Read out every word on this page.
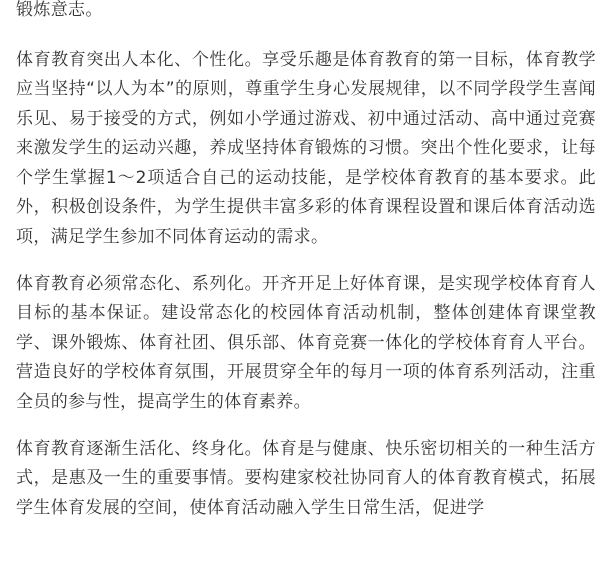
锻炼意志。

体育教育突出人本化、个性化。享受乐趣是体育教育的第一目标，体育教学应当坚持“以人为本”的原则，尊重学生身心发展规律，以不同学段学生喜闻乐见、易于接受的方式，例如小学通过游戏、初中通过活动、高中通过竞赛来激发学生的运动兴趣，养成坚持体育锻炼的习惯。突出个性化要求，让每个学生掌握1～2项适合自己的运动技能，是学校体育教育的基本要求。此外，积极创设条件，为学生提供丰富多彩的体育课程设置和课后体育活动选项，满足学生参加不同体育运动的需求。

体育教育必须常态化、系列化。开齐开足上好体育课，是实现学校体育育人目标的基本保证。建设常态化的校园体育活动机制，整体创建体育课堂教学、课外锻炼、体育社团、俱乐部、体育竞赛一体化的学校体育育人平台。营造良好的学校体育氛围，开展贯穿全年的每月一项的体育系列活动，注重全员的参与性，提高学生的体育素养。

体育教育逐渐生活化、终身化。体育是与健康、快乐密切相关的一种生活方式，是惠及一生的重要事情。要构建家校社协同育人的体育教育模式，拓展学生体育发展的空间，使体育活动融入学生日常生活，促进学
